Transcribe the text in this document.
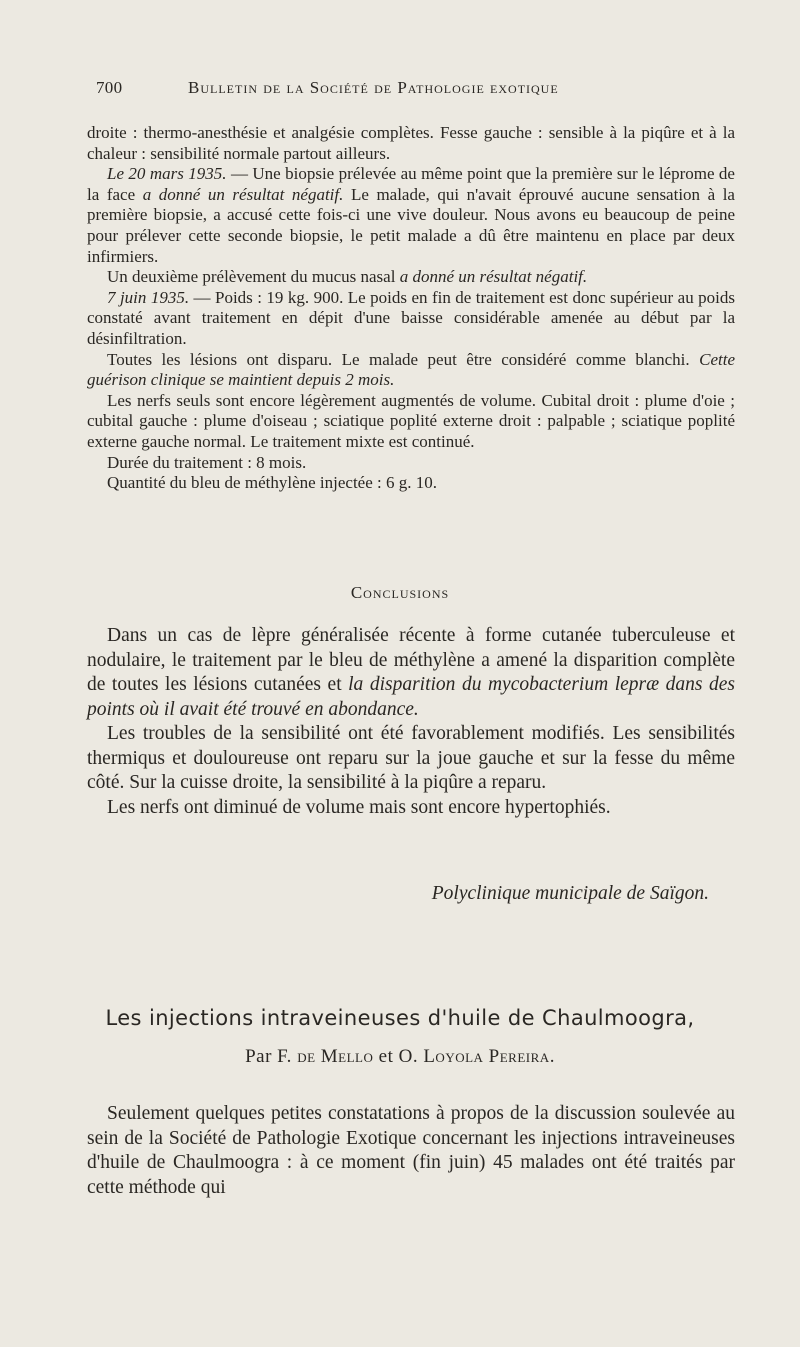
700	Bulletin de la Société de Pathologie exotique

droite : thermo-anesthésie et analgésie complètes. Fesse gauche : sensible à la piqûre et à la chaleur : sensibilité normale partout ailleurs.

Le 20 mars 1935. — Une biopsie prélevée au même point que la première sur le léprome de la face a donné un résultat négatif. Le malade, qui n'avait éprouvé aucune sensation à la première biopsie, a accusé cette fois-ci une vive douleur. Nous avons eu beaucoup de peine pour prélever cette seconde biopsie, le petit malade a dû être maintenu en place par deux infirmiers.

Un deuxième prélèvement du mucus nasal a donné un résultat négatif.

7 juin 1935. — Poids : 19 kg. 900. Le poids en fin de traitement est donc supérieur au poids constaté avant traitement en dépit d'une baisse considérable amenée au début par la désinfiltration.

Toutes les lésions ont disparu. Le malade peut être considéré comme blanchi. Cette guérison clinique se maintient depuis 2 mois.

Les nerfs seuls sont encore légèrement augmentés de volume. Cubital droit : plume d'oie ; cubital gauche : plume d'oiseau ; sciatique poplité externe droit : palpable ; sciatique poplité externe gauche normal. Le traitement mixte est continué.

Durée du traitement : 8 mois.

Quantité du bleu de méthylène injectée : 6 g. 10.

Conclusions

Dans un cas de lèpre généralisée récente à forme cutanée tuberculeuse et nodulaire, le traitement par le bleu de méthylène a amené la disparition complète de toutes les lésions cutanées et la disparition du mycobacterium lepræ dans des points où il avait été trouvé en abondance.

Les troubles de la sensibilité ont été favorablement modifiés. Les sensibilités thermiqus et douloureuse ont reparu sur la joue gauche et sur la fesse du même côté. Sur la cuisse droite, la sensibilité à la piqûre a reparu.

Les nerfs ont diminué de volume mais sont encore hypertophiés.

Polyclinique municipale de Saïgon.
Les injections intraveineuses d'huile de Chaulmoogra,
Par F. de Mello et O. Loyola Pereira.

Seulement quelques petites constatations à propos de la discussion soulevée au sein de la Société de Pathologie Exotique concernant les injections intraveineuses d'huile de Chaulmoogra : à ce moment (fin juin) 45 malades ont été traités par cette méthode qui
